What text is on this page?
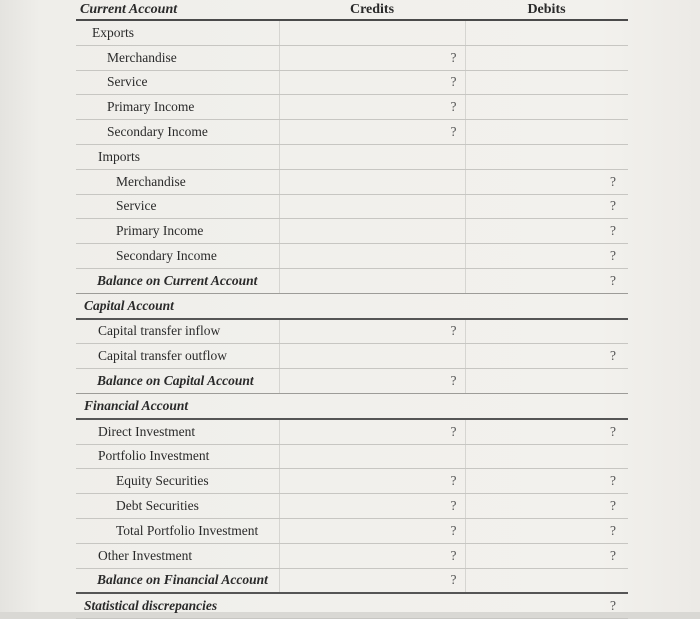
Current Account	Credits	Debits
Exports		
Merchandise	?	
Service	?	
Primary Income	?	
Secondary Income	?	
Imports		
Merchandise		?
Service		?
Primary Income		?
Secondary Income		?
Balance on Current Account		?
Capital Account		
Capital transfer inflow	?	
Capital transfer outflow		?
Balance on Capital Account	?	
Financial Account		
Direct Investment	?	?
Portfolio Investment		
Equity Securities	?	?
Debt Securities	?	?
Total Portfolio Investment	?	?
Other Investment	?	?
Balance on Financial Account	?	
Statistical discrepancies		?
